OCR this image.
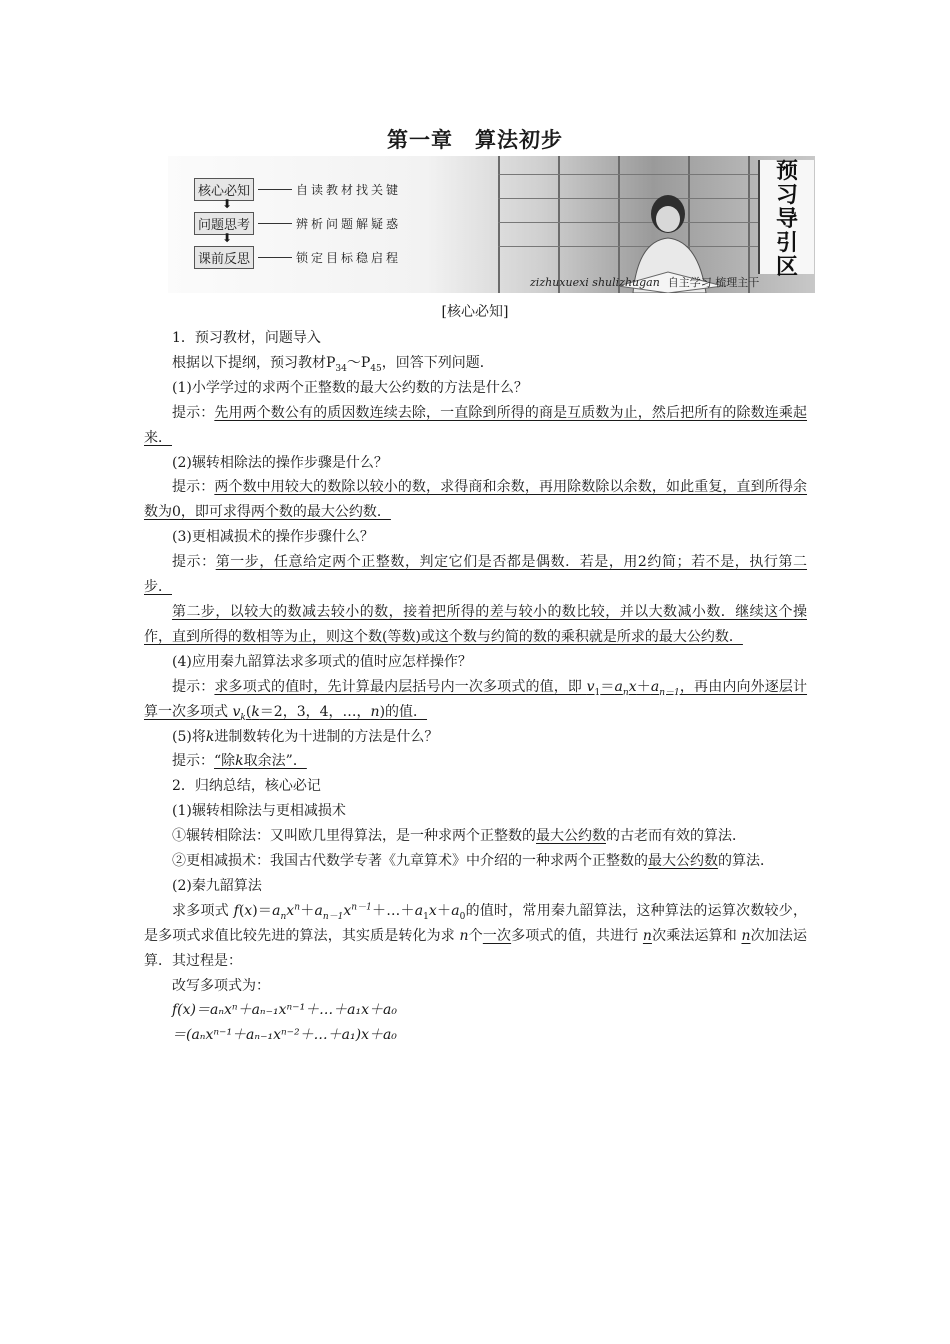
第一章　算法初步
核心必知	自读教材找关键
⬇
问题思考	辨析问题解疑惑
⬇
课前反思	锁定目标稳启程
预
习
导
引
区
zizhuxuexi shulizhugan 自主学习 梳理主干
[核心必知]

1．预习教材，问题导入

根据以下提纲，预习教材$P_{34}\sim P_{45}$，回答下列问题．

(1)小学学过的求两个正整数的最大公约数的方法是什么？

提示：先用两个数公有的质因数连续去除，一直除到所得的商是互质数为止，然后把所有的除数连乘起来．

(2)辗转相除法的操作步骤是什么？

提示：两个数中用较大的数除以较小的数，求得商和余数，再用除数除以余数，如此重复，直到所得余数为0，即可求得两个数的最大公约数．

(3)更相减损术的操作步骤什么？

提示：第一步，任意给定两个正整数，判定它们是否都是偶数．若是，用2约简；若不是，执行第二步．

第二步，以较大的数减去较小的数，接着把所得的差与较小的数比较，并以大数减小数．继续这个操作，直到所得的数相等为止，则这个数(等数)或这个数与约简的数的乘积就是所求的最大公约数．

(4)应用秦九韶算法求多项式的值时应怎样操作？

提示：求多项式的值时，先计算最内层括号内一次多项式的值，即 $v_1=a_nx+a_{n-1}$，再由内向外逐层计算一次多项式 $v_k(k=2$，3，4，…，n)的值．

(5)将k进制数转化为十进制的方法是什么？

提示：“除k取余法”．

2．归纳总结，核心必记

(1)辗转相除法与更相减损术

①辗转相除法：又叫欧几里得算法，是一种求两个正整数的最大公约数的古老而有效的算法．

②更相减损术：我国古代数学专著《九章算术》中介绍的一种求两个正整数的最大公约数的算法．

(2)秦九韶算法

求多项式 $f(x)=a_nx^n+a_{n-1}x^{n-1}+\dots+a_1x+a_0$的值时，常用秦九韶算法，这种算法的运算次数较少，是多项式求值比较先进的算法，其实质是转化为求 n个一次多项式的值，共进行 n次乘法运算和 n次加法运算．其过程是：

改写多项式为：

f(x)＝aₙxⁿ＋aₙ₋₁xⁿ⁻¹＋…＋a₁x＋a₀

＝(aₙxⁿ⁻¹＋aₙ₋₁xⁿ⁻²＋…＋a₁)x＋a₀
